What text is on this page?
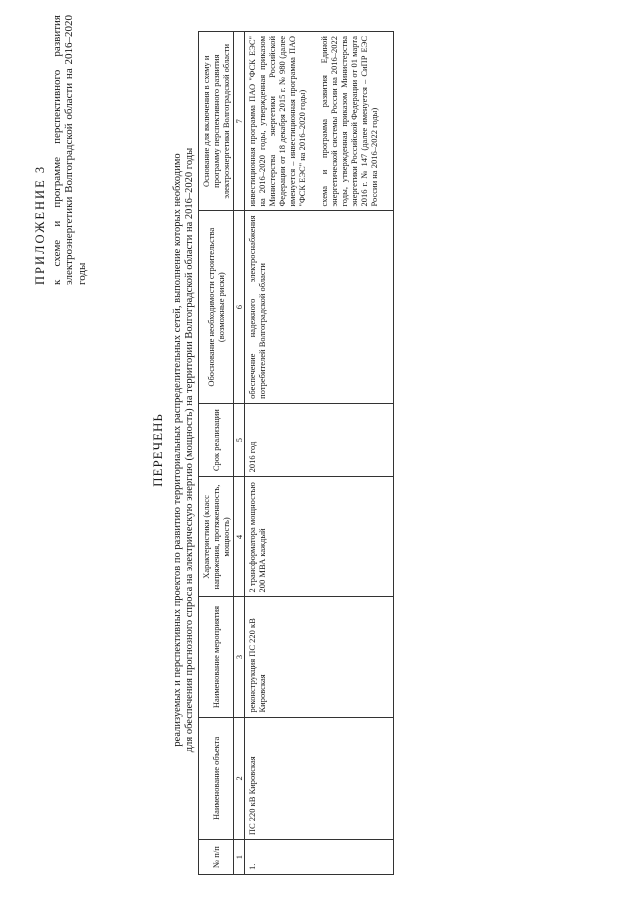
ПРИЛОЖЕНИЕ 3 к схеме и программе перспективного развития электроэнергетики Волгоградской области на 2016–2020 годы
ПЕРЕЧЕНЬ реализуемых и перспективных проектов по развитию территориальных распределительных сетей, выполнение которых необходимо для обеспечения прогнозного спроса на электрическую энергию (мощность) на территории Волгоградской области на 2016–2020 годы
№ п/п	Наименование объекта	Наименование мероприятия	Характеристики (класс напряжения, протяженность, мощность)	Срок реализации	Обоснование необходимости строительства (возможные риски)	Основание для включения в схему и программу перспективного развития электроэнергетики Волгоградской области
1	2	3	4	5	6	7
1.	ПС 220 кВ Кировская	реконструкция ПС 220 кВ Кировская	2 трансформатора мощностью 200 МВА каждый	2016 год	обеспечение надежного электроснабжения потребителей Волгоградской области	инвестиционная программа ПАО "ФСК ЕЭС" на 2016–2020 годы, утвержденная приказом Министерства энергетики Российской Федерации от 18 декабря 2015 г. № 980 (далее именуется – инвестиционная программа ПАО "ФСК ЕЭС" на 2016–2020 годы) схема и программа развития Единой энергетической системы России на 2016–2022 годы, утвержденная приказом Министерства энергетики Российской Федерации от 01 марта 2016 г. № 147 (далее именуется – СиПР ЕЭС России на 2016–2022 годы)
